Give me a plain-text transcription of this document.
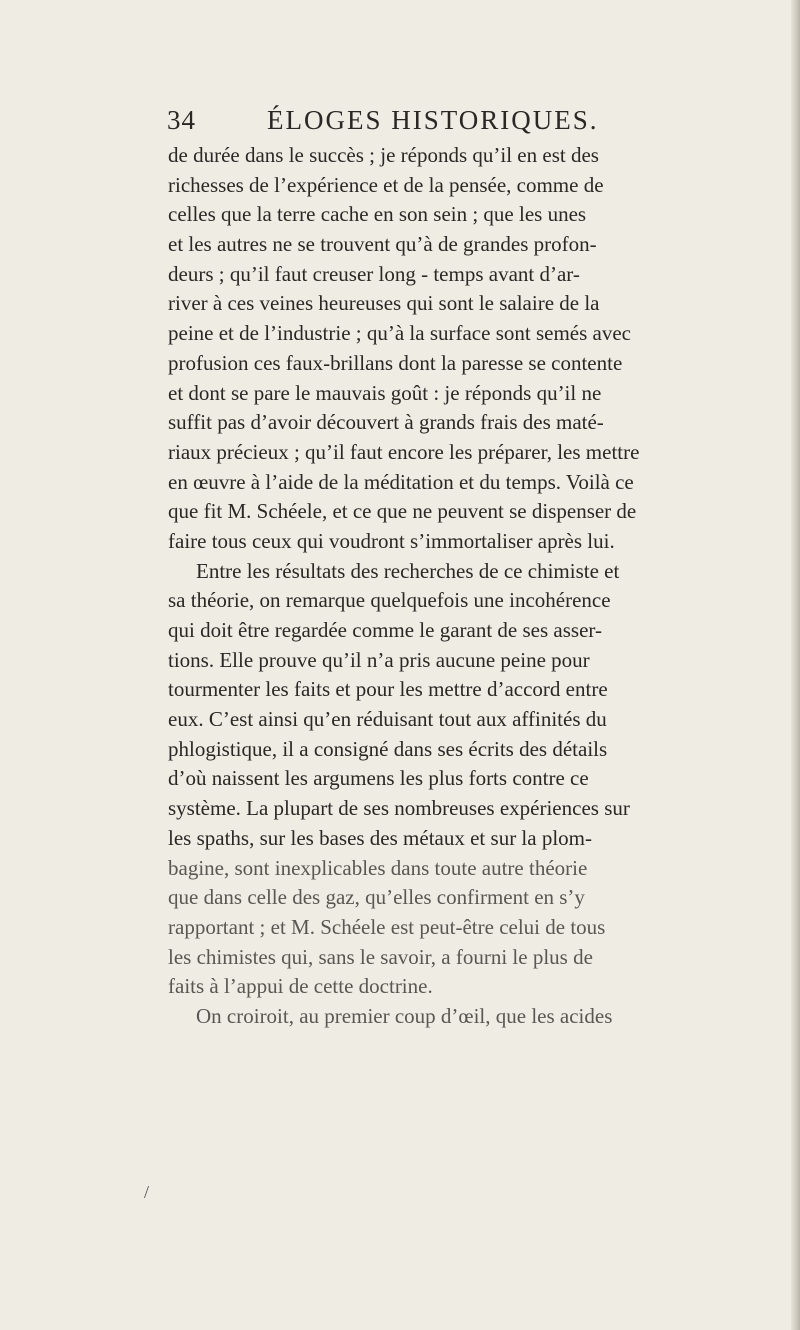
34	ÉLOGES HISTORIQUES.
de durée dans le succès ; je réponds qu’il en est des
richesses de l’expérience et de la pensée, comme de
celles que la terre cache en son sein ; que les unes
et les autres ne se trouvent qu’à de grandes profon-
deurs ; qu’il faut creuser long - temps avant d’ar-
river à ces veines heureuses qui sont le salaire de la
peine et de l’industrie ; qu’à la surface sont semés avec
profusion ces faux-brillans dont la paresse se contente
et dont se pare le mauvais goût : je réponds qu’il ne
suffit pas d’avoir découvert à grands frais des maté-
riaux précieux ; qu’il faut encore les préparer, les mettre
en œuvre à l’aide de la méditation et du temps. Voilà ce
que fit M. Schéele, et ce que ne peuvent se dispenser de
faire tous ceux qui voudront s’immortaliser après lui.
Entre les résultats des recherches de ce chimiste et
sa théorie, on remarque quelquefois une incohérence
qui doit être regardée comme le garant de ses asser-
tions. Elle prouve qu’il n’a pris aucune peine pour
tourmenter les faits et pour les mettre d’accord entre
eux. C’est ainsi qu’en réduisant tout aux affinités du
phlogistique, il a consigné dans ses écrits des détails
d’où naissent les argumens les plus forts contre ce
système. La plupart de ses nombreuses expériences sur
les spaths, sur les bases des métaux et sur la plom-
bagine, sont inexplicables dans toute autre théorie
que dans celle des gaz, qu’elles confirment en s’y
rapportant ; et M. Schéele est peut-être celui de tous
les chimistes qui, sans le savoir, a fourni le plus de
faits à l’appui de cette doctrine.
On croiroit, au premier coup d’œil, que les acides
/
